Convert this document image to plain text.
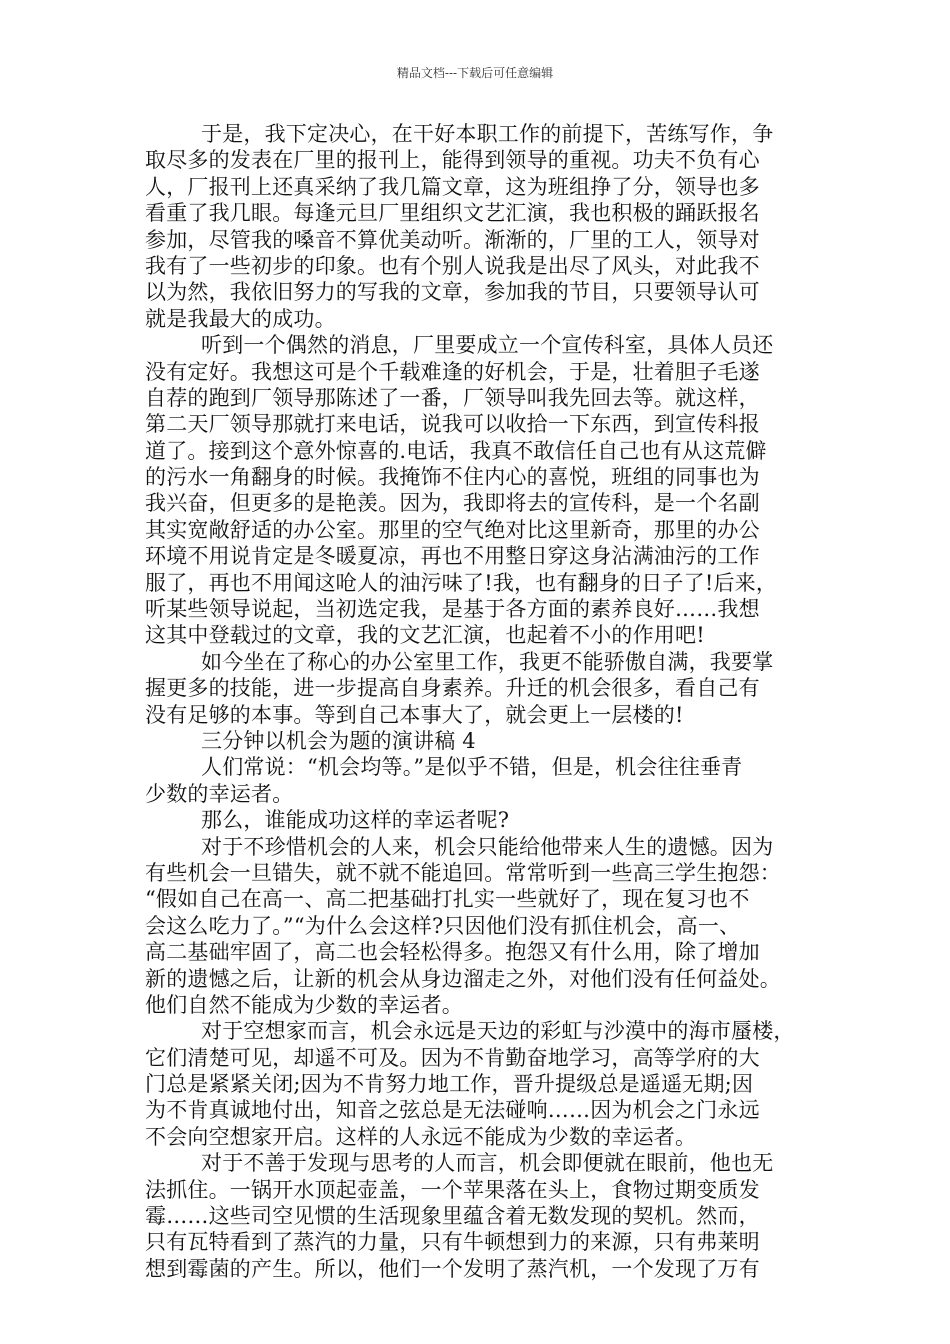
精品文档---下载后可任意编辑
于是，我下定决心，在干好本职工作的前提下，苦练写作，争
取尽多的发表在厂里的报刊上，能得到领导的重视。功夫不负有心
人，厂报刊上还真采纳了我几篇文章，这为班组挣了分，领导也多
看重了我几眼。每逢元旦厂里组织文艺汇演，我也积极的踊跃报名
参加，尽管我的嗓音不算优美动听。渐渐的，厂里的工人，领导对
我有了一些初步的印象。也有个别人说我是出尽了风头，对此我不
以为然，我依旧努力的写我的文章，参加我的节目，只要领导认可
就是我最大的成功。
听到一个偶然的消息，厂里要成立一个宣传科室，具体人员还
没有定好。我想这可是个千载难逢的好机会，于是，壮着胆子毛遂
自荐的跑到厂领导那陈述了一番，厂领导叫我先回去等。就这样，
第二天厂领导那就打来电话，说我可以收拾一下东西，到宣传科报
道了。接到这个意外惊喜的.电话，我真不敢信任自己也有从这荒僻
的污水一角翻身的时候。我掩饰不住内心的喜悦，班组的同事也为
我兴奋，但更多的是艳羡。因为，我即将去的宣传科，是一个名副
其实宽敞舒适的办公室。那里的空气绝对比这里新奇，那里的办公
环境不用说肯定是冬暖夏凉，再也不用整日穿这身沾满油污的工作
服了，再也不用闻这呛人的油污味了!我，也有翻身的日子了!后来，
听某些领导说起，当初选定我，是基于各方面的素养良好……我想
这其中登载过的文章，我的文艺汇演，也起着不小的作用吧!
如今坐在了称心的办公室里工作，我更不能骄傲自满，我要掌
握更多的技能，进一步提高自身素养。升迁的机会很多，看自己有
没有足够的本事。等到自己本事大了，就会更上一层楼的!
三分钟以机会为题的演讲稿 4
人们常说：“机会均等。”是似乎不错，但是，机会往往垂青
少数的幸运者。
那么，谁能成功这样的幸运者呢?
对于不珍惜机会的人来，机会只能给他带来人生的遗憾。因为
有些机会一旦错失，就不就不能追回。常常听到一些高三学生抱怨：
“假如自己在高一、高二把基础打扎实一些就好了，现在复习也不
会这么吃力了。”“为什么会这样?只因他们没有抓住机会，高一、
高二基础牢固了，高二也会轻松得多。抱怨又有什么用，除了增加
新的遗憾之后，让新的机会从身边溜走之外，对他们没有任何益处。
他们自然不能成为少数的幸运者。
对于空想家而言，机会永远是天边的彩虹与沙漠中的海市蜃楼，
它们清楚可见，却遥不可及。因为不肯勤奋地学习，高等学府的大
门总是紧紧关闭;因为不肯努力地工作，晋升提级总是遥遥无期;因
为不肯真诚地付出，知音之弦总是无法碰响……因为机会之门永远
不会向空想家开启。这样的人永远不能成为少数的幸运者。
对于不善于发现与思考的人而言，机会即便就在眼前，他也无
法抓住。一锅开水顶起壶盖，一个苹果落在头上，食物过期变质发
霉……这些司空见惯的生活现象里蕴含着无数发现的契机。然而，
只有瓦特看到了蒸汽的力量，只有牛顿想到力的来源，只有弗莱明
想到霉菌的产生。所以，他们一个发明了蒸汽机，一个发现了万有
